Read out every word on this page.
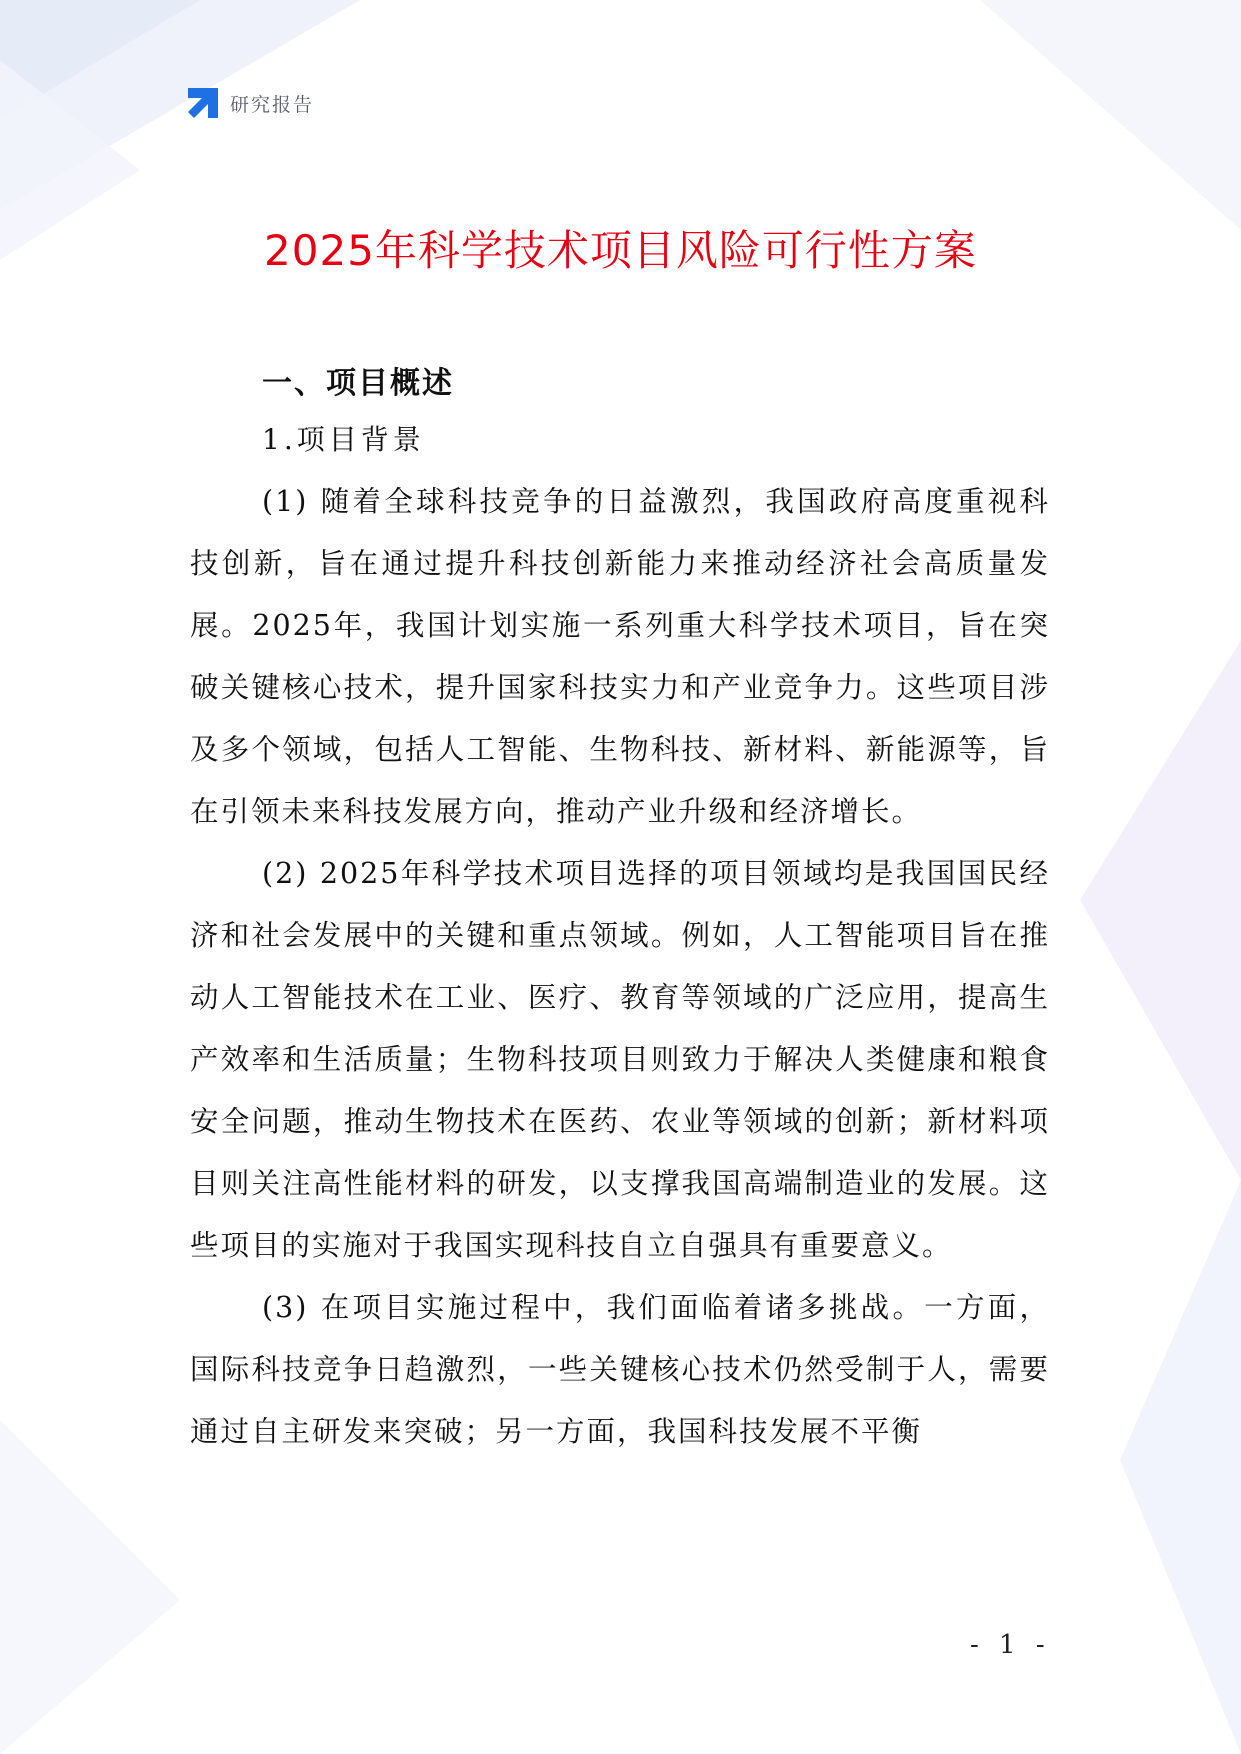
研究报告
2025年科学技术项目风险可行性方案
一、项目概述
1.项目背景

(1) 随着全球科技竞争的日益激烈，我国政府高度重视科技创新，旨在通过提升科技创新能力来推动经济社会高质量发展。2025年，我国计划实施一系列重大科学技术项目，旨在突破关键核心技术，提升国家科技实力和产业竞争力。这些项目涉及多个领域，包括人工智能、生物科技、新材料、新能源等，旨在引领未来科技发展方向，推动产业升级和经济增长。

(2) 2025年科学技术项目选择的项目领域均是我国国民经济和社会发展中的关键和重点领域。例如，人工智能项目旨在推动人工智能技术在工业、医疗、教育等领域的广泛应用，提高生产效率和生活质量；生物科技项目则致力于解决人类健康和粮食安全问题，推动生物技术在医药、农业等领域的创新；新材料项目则关注高性能材料的研发，以支撑我国高端制造业的发展。这些项目的实施对于我国实现科技自立自强具有重要意义。

(3) 在项目实施过程中，我们面临着诸多挑战。一方面，国际科技竞争日趋激烈，一些关键核心技术仍然受制于人，需要通过自主研发来突破；另一方面，我国科技发展不平衡

- 1 -
